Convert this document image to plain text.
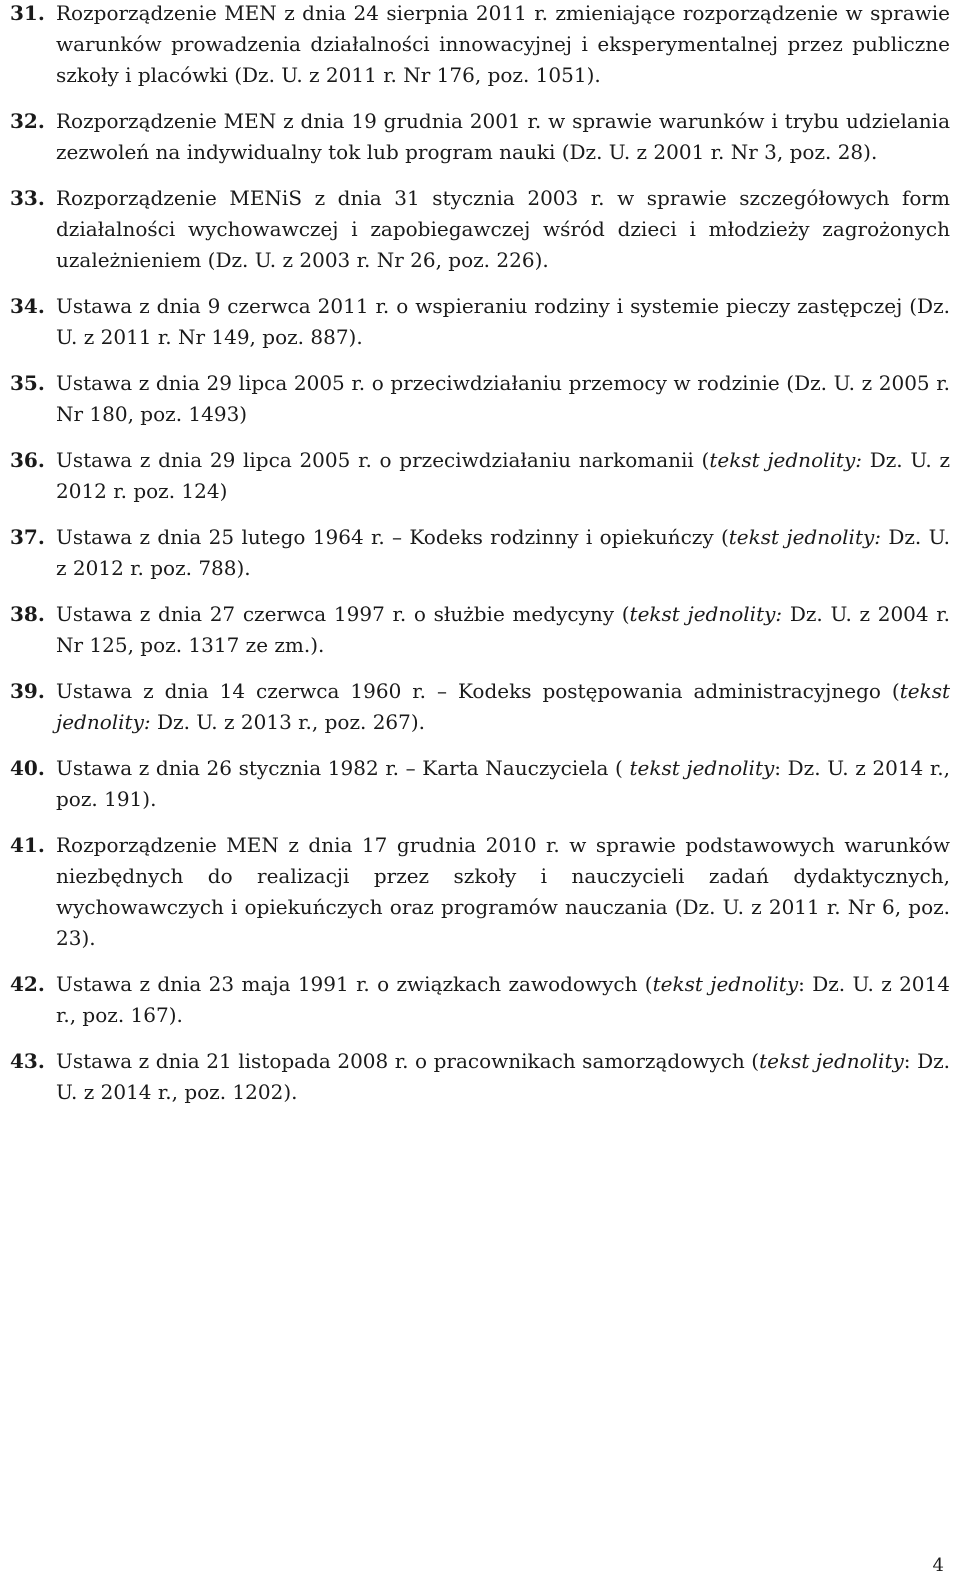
31. Rozporządzenie MEN z dnia 24 sierpnia 2011 r. zmieniające rozporządzenie w sprawie warunków prowadzenia działalności innowacyjnej i eksperymentalnej przez publiczne szkoły i placówki (Dz. U. z 2011 r. Nr 176, poz. 1051).
32. Rozporządzenie MEN z dnia 19 grudnia 2001 r. w sprawie warunków i trybu udzielania zezwoleń na indywidualny tok lub program nauki (Dz. U. z 2001 r. Nr 3, poz. 28).
33. Rozporządzenie MENiS z dnia 31 stycznia 2003 r. w sprawie szczegółowych form działalności wychowawczej i zapobiegawczej wśród dzieci i młodzieży zagrożonych uzależnieniem (Dz. U. z 2003 r. Nr 26, poz. 226).
34. Ustawa z dnia 9 czerwca 2011 r. o wspieraniu rodziny i systemie pieczy zastępczej (Dz. U. z 2011 r. Nr 149, poz. 887).
35. Ustawa z dnia 29 lipca 2005 r. o przeciwdziałaniu przemocy w rodzinie (Dz. U. z 2005 r. Nr 180, poz. 1493)
36. Ustawa z dnia 29 lipca 2005 r. o przeciwdziałaniu narkomanii (tekst jednolity: Dz. U. z 2012 r. poz. 124)
37. Ustawa z dnia 25 lutego 1964 r. – Kodeks rodzinny i opiekuńczy (tekst jednolity: Dz. U. z 2012 r. poz. 788).
38. Ustawa z dnia 27 czerwca 1997 r. o służbie medycyny (tekst jednolity: Dz. U. z 2004 r. Nr 125, poz. 1317 ze zm.).
39. Ustawa z dnia 14 czerwca 1960 r. – Kodeks postępowania administracyjnego (tekst jednolity: Dz. U. z 2013 r., poz. 267).
40. Ustawa z dnia 26 stycznia 1982 r. – Karta Nauczyciela ( tekst jednolity: Dz. U. z 2014 r., poz. 191).
41. Rozporządzenie MEN z dnia 17 grudnia 2010 r. w sprawie podstawowych warunków niezbędnych do realizacji przez szkoły i nauczycieli zadań dydaktycznych, wychowawczych i opiekuńczych oraz programów nauczania (Dz. U. z 2011 r. Nr 6, poz. 23).
42. Ustawa z dnia 23 maja 1991 r. o związkach zawodowych (tekst jednolity: Dz. U. z 2014 r., poz. 167).
43. Ustawa z dnia 21 listopada 2008 r. o pracownikach samorządowych (tekst jednolity: Dz. U. z 2014 r., poz. 1202).
4
